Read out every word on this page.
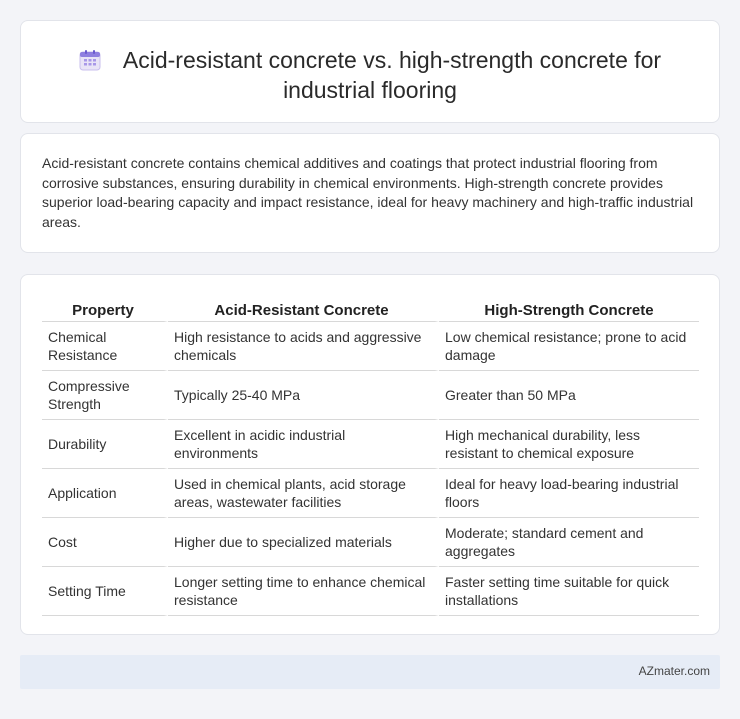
Acid-resistant concrete vs. high-strength concrete for industrial flooring

Acid-resistant concrete contains chemical additives and coatings that protect industrial flooring from corrosive substances, ensuring durability in chemical environments. High-strength concrete provides superior load-bearing capacity and impact resistance, ideal for heavy machinery and high-traffic industrial areas.

Property	Acid-Resistant Concrete	High-Strength Concrete
Chemical Resistance	High resistance to acids and aggressive chemicals	Low chemical resistance; prone to acid damage
Compressive Strength	Typically 25-40 MPa	Greater than 50 MPa
Durability	Excellent in acidic industrial environments	High mechanical durability, less resistant to chemical exposure
Application	Used in chemical plants, acid storage areas, wastewater facilities	Ideal for heavy load-bearing industrial floors
Cost	Higher due to specialized materials	Moderate; standard cement and aggregates
Setting Time	Longer setting time to enhance chemical resistance	Faster setting time suitable for quick installations
AZmater.com
